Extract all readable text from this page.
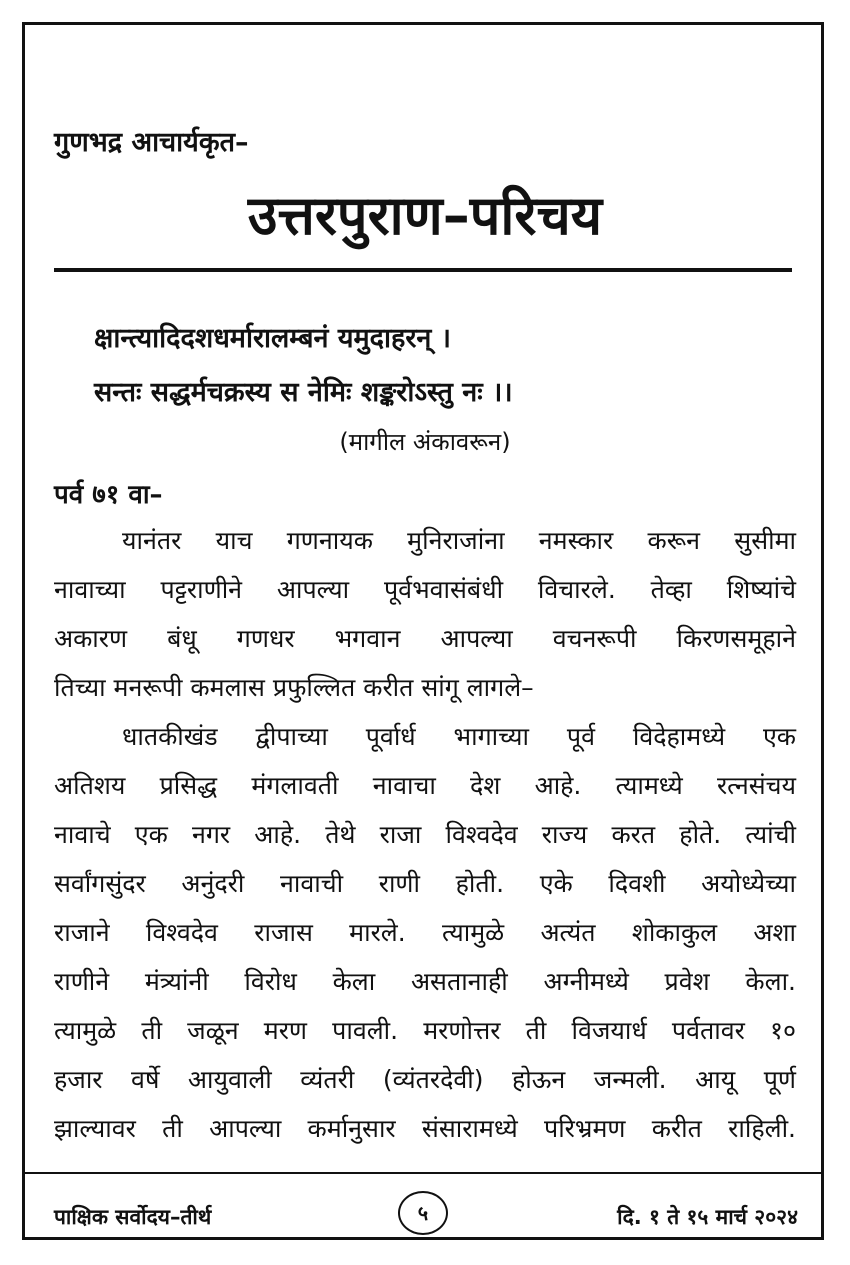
गुणभद्र आचार्यकृत–
उत्तरपुराण–परिचय
क्षान्त्यादिदशधर्मारालम्बनं यमुदाहरन् ।
सन्तः सद्धर्मचक्रस्य स नेमिः शङ्करोऽस्तु नः ।।
(मागील अंकावरून)
पर्व ७१ वा–
यानंतर याच गणनायक मुनिराजांना नमस्कार करून सुसीमा
नावाच्या पट्टराणीने आपल्या पूर्वभवासंबंधी विचारले. तेव्हा शिष्यांचे
अकारण बंधू गणधर भगवान आपल्या वचनरूपी किरणसमूहाने
तिच्या मनरूपी कमलास प्रफुल्लित करीत सांगू लागले–
धातकीखंड द्वीपाच्या पूर्वार्ध भागाच्या पूर्व विदेहामध्ये एक
अतिशय प्रसिद्ध मंगलावती नावाचा देश आहे. त्यामध्ये रत्नसंचय
नावाचे एक नगर आहे. तेथे राजा विश्वदेव राज्य करत होते. त्यांची
सर्वांगसुंदर अनुंदरी नावाची राणी होती. एके दिवशी अयोध्येच्या
राजाने विश्वदेव राजास मारले. त्यामुळे अत्यंत शोकाकुल अशा
राणीने मंत्र्यांनी विरोध केला असतानाही अग्नीमध्ये प्रवेश केला.
त्यामुळे ती जळून मरण पावली. मरणोत्तर ती विजयार्ध पर्वतावर १०
हजार वर्षे आयुवाली व्यंतरी (व्यंतरदेवी) होऊन जन्मली. आयू पूर्ण
झाल्यावर ती आपल्या कर्मानुसार संसारामध्ये परिभ्रमण करीत राहिली.
पाक्षिक सर्वोदय–तीर्थ	५	दि. १ ते १५ मार्च २०२४
